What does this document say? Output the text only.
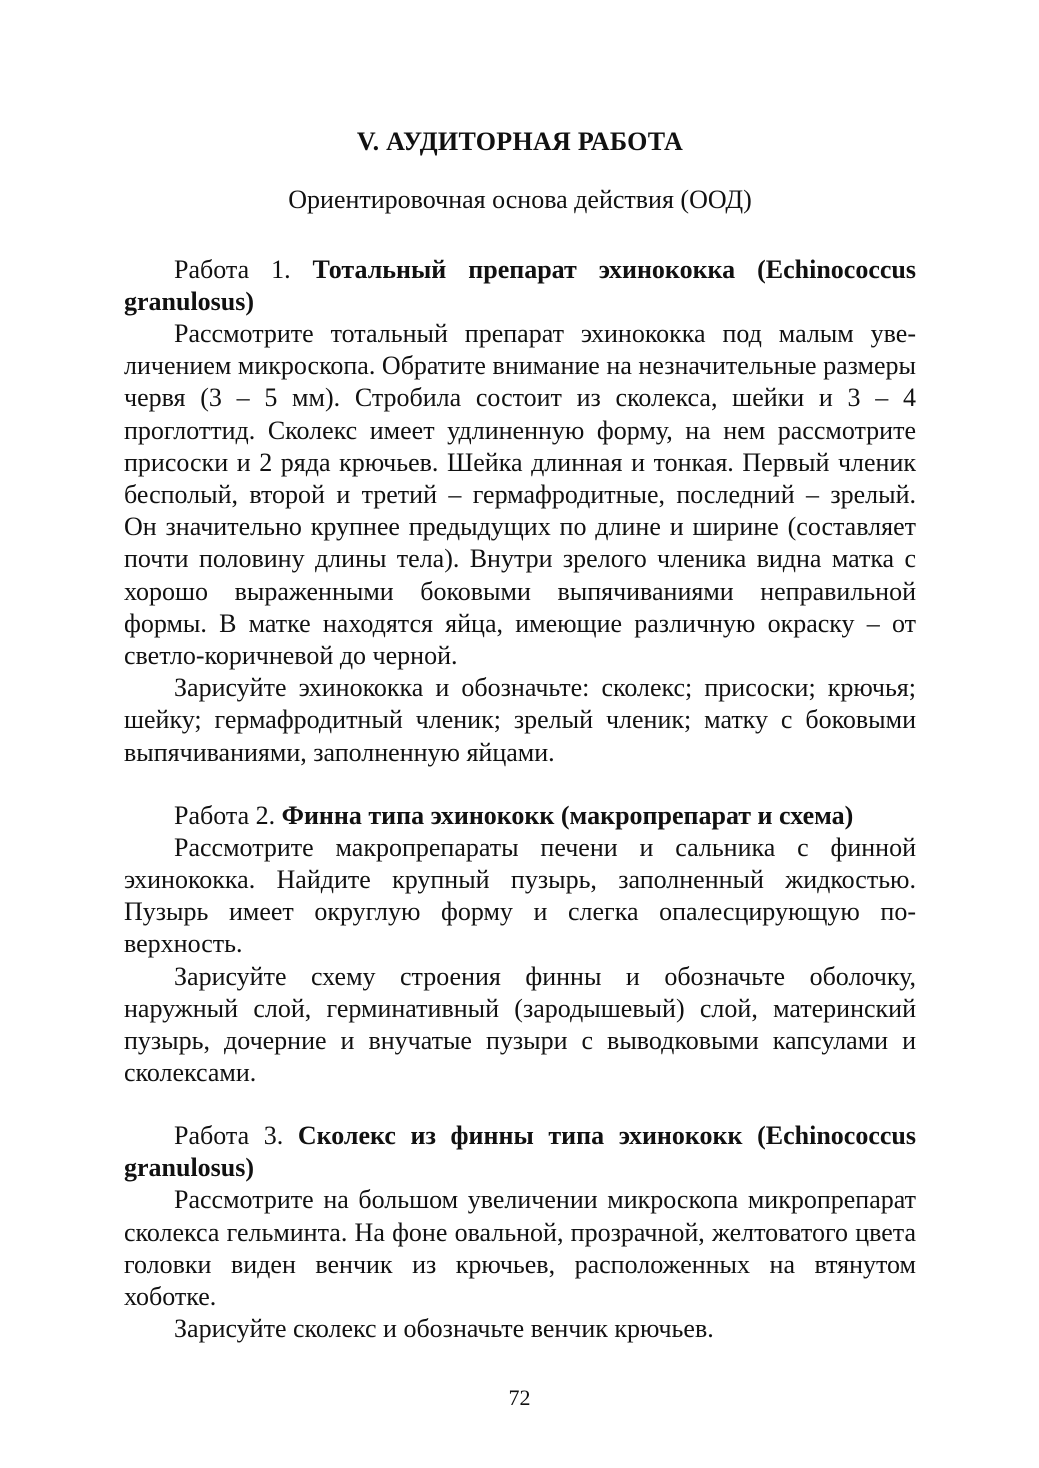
V. АУДИТОРНАЯ РАБОТА
Ориентировочная основа действия (ООД)
Работа 1. Тотальный препарат эхинококка (Echinococcus granulosus)

Рассмотрите тотальный препарат эхинококка под малым увеличением микроскопа. Обратите внимание на незначительные размеры червя (3 – 5 мм). Стробила состоит из сколекса, шейки и 3 – 4 проглоттид. Сколекс имеет удлиненную форму, на нем рассмотрите присоски и 2 ряда крючьев. Шейка длинная и тонкая. Первый членик бесполый, второй и третий – гермафродитные, последний – зрелый. Он значительно крупнее предыдущих по длине и ширине (составляет почти половину длины тела). Внутри зрелого членика видна матка с хорошо выраженными боковыми выпячиваниями неправильной формы. В матке находятся яйца, имеющие различную окраску – от светло-коричневой до черной.

Зарисуйте эхинококка и обозначьте: сколекс; присоски; крючья; шейку; гермафродитный членик; зрелый членик; матку с боковыми выпячиваниями, заполненную яйцами.

Работа 2. Финна типа эхинококк (макропрепарат и схема)

Рассмотрите макропрепараты печени и сальника с финной эхинококка. Найдите крупный пузырь, заполненный жидкостью. Пузырь имеет округлую форму и слегка опалесцирующую поверхность.

Зарисуйте схему строения финны и обозначьте оболочку, наружный слой, герминативный (зародышевый) слой, материнский пузырь, дочерние и внучатые пузыри с выводковыми капсулами и сколексами.

Работа 3. Сколекс из финны типа эхинококк (Echinococcus granulosus)

Рассмотрите на большом увеличении микроскопа микропрепарат сколекса гельминта. На фоне овальной, прозрачной, желтоватого цвета головки виден венчик из крючьев, расположенных на втянутом хоботке.

Зарисуйте сколекс и обозначьте венчик крючьев.

72
